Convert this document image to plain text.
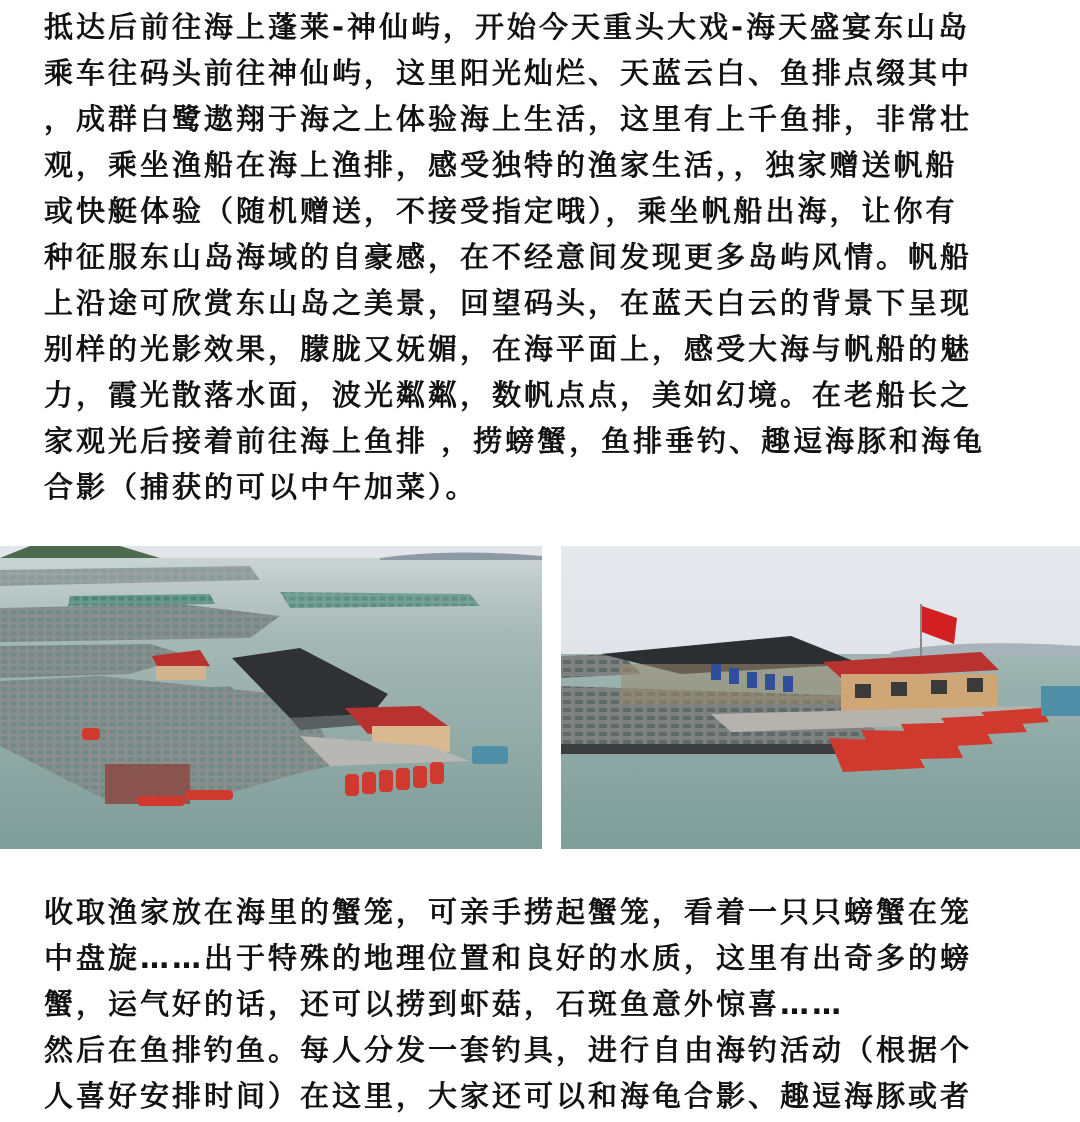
抵达后前往海上蓬莱-神仙屿，开始今天重头大戏-海天盛宴东山岛
乘车往码头前往神仙屿，这里阳光灿烂、天蓝云白、鱼排点缀其中
，成群白鹭遨翔于海之上体验海上生活，这里有上千鱼排，非常壮
观，乘坐渔船在海上渔排，感受独特的渔家生活，，独家赠送帆船
或快艇体验（随机赠送，不接受指定哦），乘坐帆船出海，让你有
种征服东山岛海域的自豪感，在不经意间发现更多岛屿风情。帆船
上沿途可欣赏东山岛之美景，回望码头，在蓝天白云的背景下呈现
别样的光影效果，朦胧又妩媚，在海平面上，感受大海与帆船的魅
力，霞光散落水面，波光粼粼，数帆点点，美如幻境。在老船长之
家观光后接着前往海上鱼排 ，捞螃蟹，鱼排垂钓、趣逗海豚和海龟
合影（捕获的可以中午加菜）。
收取渔家放在海里的蟹笼，可亲手捞起蟹笼，看着一只只螃蟹在笼
中盘旋……出于特殊的地理位置和良好的水质，这里有出奇多的螃
蟹，运气好的话，还可以捞到虾菇，石斑鱼意外惊喜……
然后在鱼排钓鱼。每人分发一套钓具，进行自由海钓活动（根据个
人喜好安排时间）在这里，大家还可以和海龟合影、趣逗海豚或者
